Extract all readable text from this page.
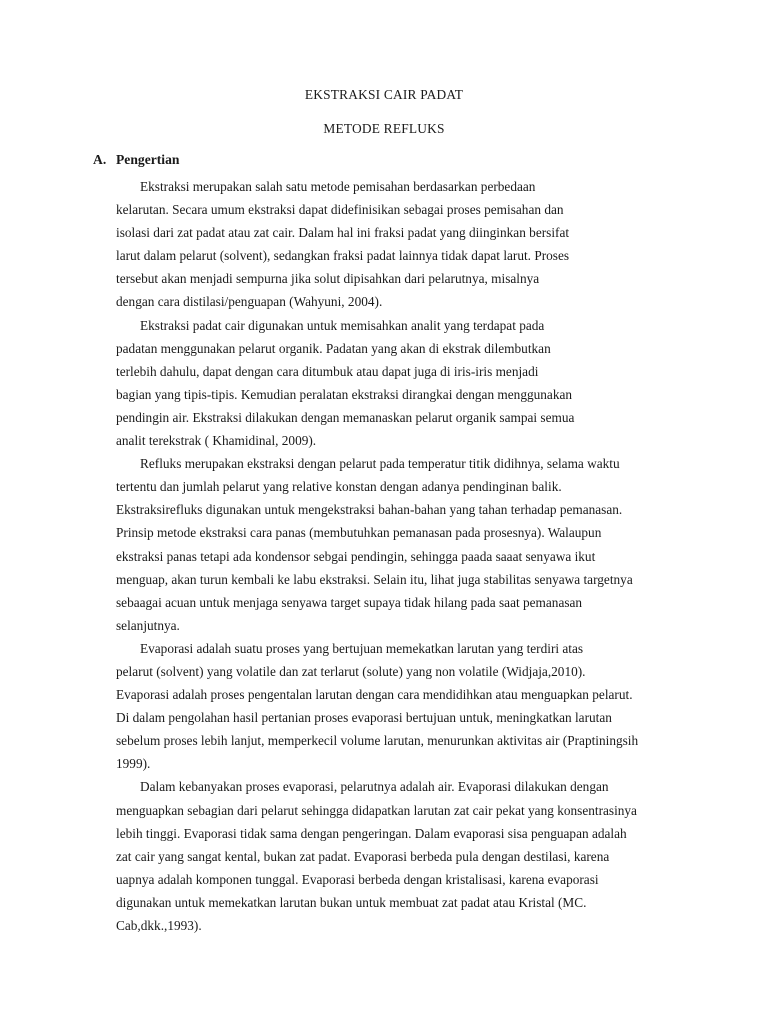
EKSTRAKSI CAIR PADAT
METODE REFLUKS
A. Pengertian
Ekstraksi merupakan salah satu metode pemisahan berdasarkan perbedaan
kelarutan. Secara umum ekstraksi dapat didefinisikan sebagai proses pemisahan dan
isolasi dari zat padat atau zat cair. Dalam hal ini fraksi padat yang diinginkan bersifat
larut dalam pelarut (solvent), sedangkan fraksi padat lainnya tidak dapat larut. Proses
tersebut akan menjadi sempurna jika solut dipisahkan dari pelarutnya, misalnya
dengan cara distilasi/penguapan (Wahyuni, 2004).
Ekstraksi padat cair digunakan untuk memisahkan analit yang terdapat pada
padatan menggunakan pelarut organik. Padatan yang akan di ekstrak dilembutkan
terlebih dahulu, dapat dengan cara ditumbuk atau dapat juga di iris-iris menjadi
bagian yang tipis-tipis. Kemudian peralatan ekstraksi dirangkai dengan menggunakan
pendingin air. Ekstraksi dilakukan dengan memanaskan pelarut organik sampai semua
analit terekstrak ( Khamidinal, 2009).
Refluks merupakan ekstraksi dengan pelarut pada temperatur titik didihnya, selama waktu
tertentu dan jumlah pelarut yang relative konstan dengan adanya pendinginan balik.
Ekstraksirefluks digunakan untuk mengekstraksi bahan-bahan yang tahan terhadap pemanasan.
Prinsip metode ekstraksi cara panas (membutuhkan pemanasan pada prosesnya). Walaupun
ekstraksi panas tetapi ada kondensor sebgai pendingin, sehingga paada saaat senyawa ikut
menguap, akan turun kembali ke labu ekstraksi. Selain itu, lihat juga stabilitas senyawa targetnya
sebaagai acuan untuk menjaga senyawa target supaya tidak hilang pada saat pemanasan
selanjutnya.
Evaporasi adalah suatu proses yang bertujuan memekatkan larutan yang terdiri atas
pelarut (solvent) yang volatile dan zat terlarut (solute) yang non volatile (Widjaja,2010).
Evaporasi adalah proses pengentalan larutan dengan cara mendidihkan atau menguapkan pelarut.
Di dalam pengolahan hasil pertanian proses evaporasi bertujuan untuk, meningkatkan larutan
sebelum proses lebih lanjut, memperkecil volume larutan, menurunkan aktivitas air (Praptiningsih
1999).
Dalam kebanyakan proses evaporasi, pelarutnya adalah air. Evaporasi dilakukan dengan
menguapkan sebagian dari pelarut sehingga didapatkan larutan zat cair pekat yang konsentrasinya
lebih tinggi. Evaporasi tidak sama dengan pengeringan. Dalam evaporasi sisa penguapan adalah
zat cair yang sangat kental, bukan zat padat. Evaporasi berbeda pula dengan destilasi, karena
uapnya adalah komponen tunggal. Evaporasi berbeda dengan kristalisasi, karena evaporasi
digunakan untuk memekatkan larutan bukan untuk membuat zat padat atau Kristal (MC.
Cab,dkk.,1993).
